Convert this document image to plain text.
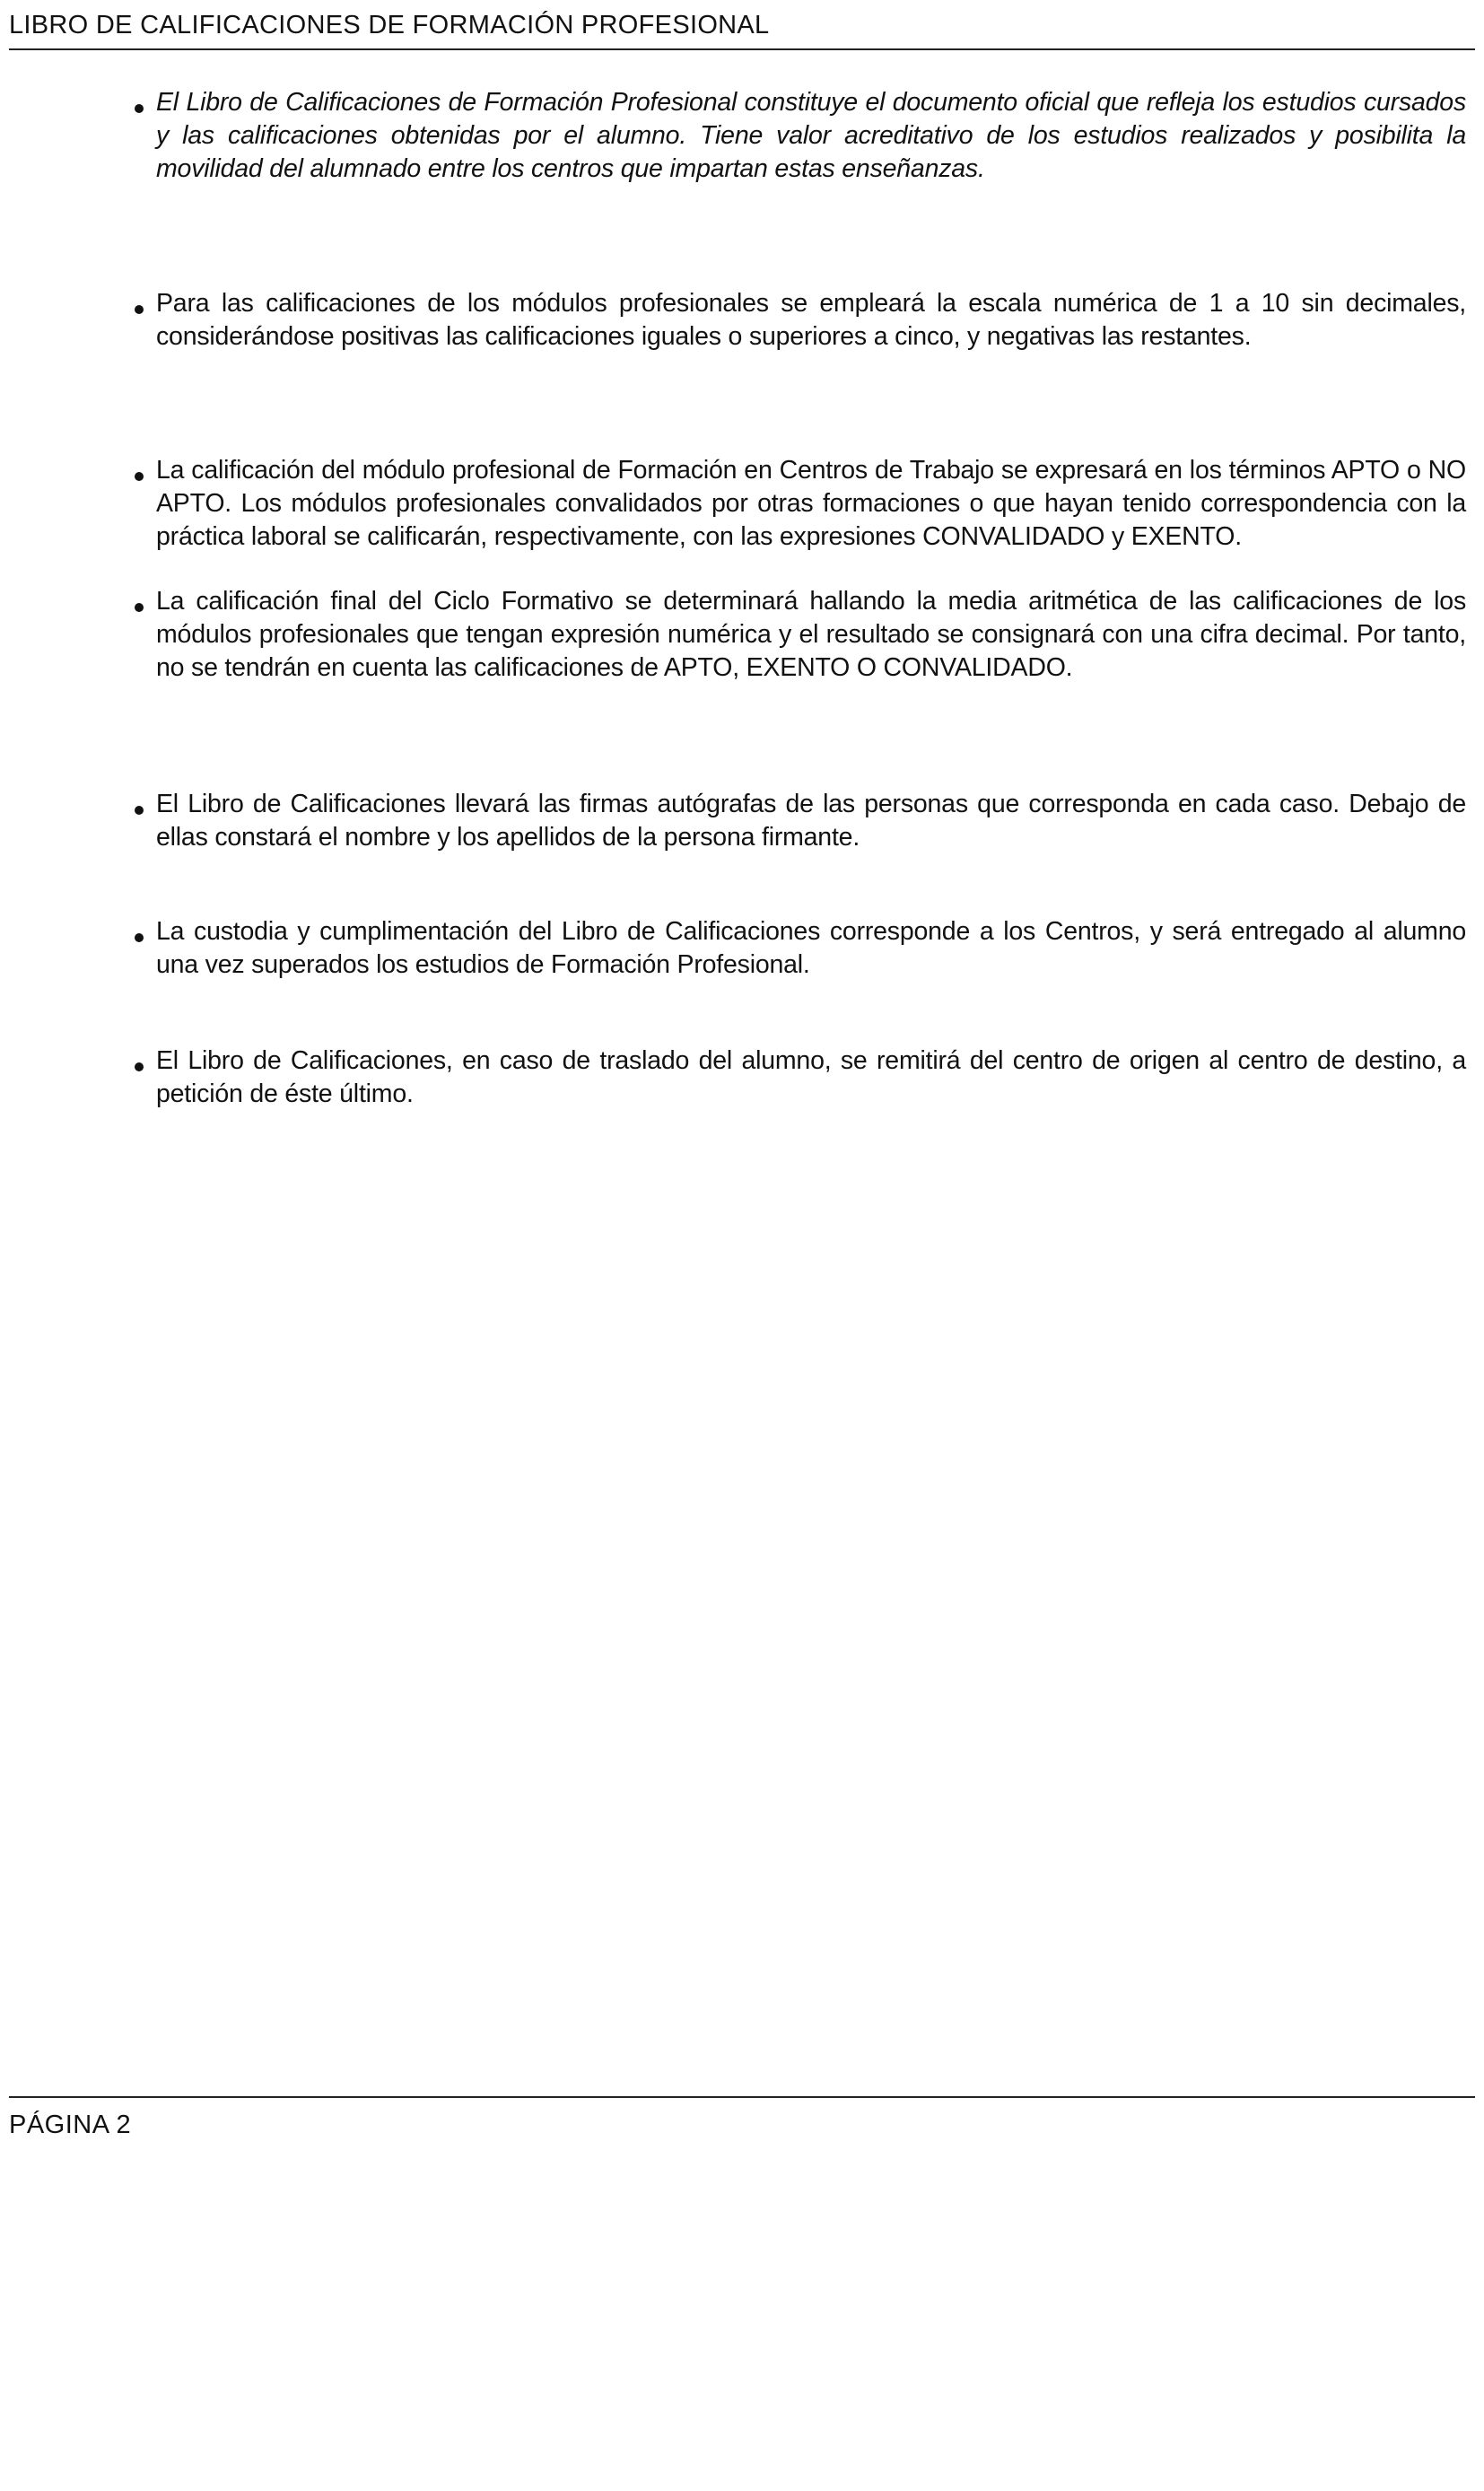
LIBRO DE CALIFICACIONES DE FORMACIÓN PROFESIONAL
El Libro de Calificaciones de Formación Profesional constituye el documento oficial que refleja los estudios cursados y las calificaciones obtenidas por el alumno. Tiene valor acreditativo de los estudios realizados y posibilita la movilidad del alumnado entre los centros que impartan estas enseñanzas.
Para las calificaciones de los módulos profesionales se empleará la escala numérica de 1 a 10 sin decimales, considerándose positivas las calificaciones iguales o superiores a cinco, y negativas las restantes.
La calificación del módulo profesional de Formación en Centros de Trabajo se expresará en los términos APTO o NO APTO. Los módulos profesionales convalidados por otras formaciones o que hayan tenido correspondencia con la práctica laboral se calificarán, respectivamente, con las expresiones CONVALIDADO y EXENTO.
La calificación final del Ciclo Formativo se determinará hallando la media aritmética de las calificaciones de los módulos profesionales que tengan expresión numérica y el resultado se consignará con una cifra decimal. Por tanto, no se tendrán en cuenta las calificaciones de APTO, EXENTO O CONVALIDADO.
El Libro de Calificaciones llevará las firmas autógrafas de las personas que corresponda en cada caso. Debajo de ellas constará el nombre y los apellidos de la persona firmante.
La custodia y cumplimentación del Libro de Calificaciones corresponde a los Centros, y será entregado al alumno una vez superados los estudios de Formación Profesional.
El Libro de Calificaciones, en caso de traslado del alumno, se remitirá del centro de origen al centro de destino, a petición de éste último.
PÁGINA 2
